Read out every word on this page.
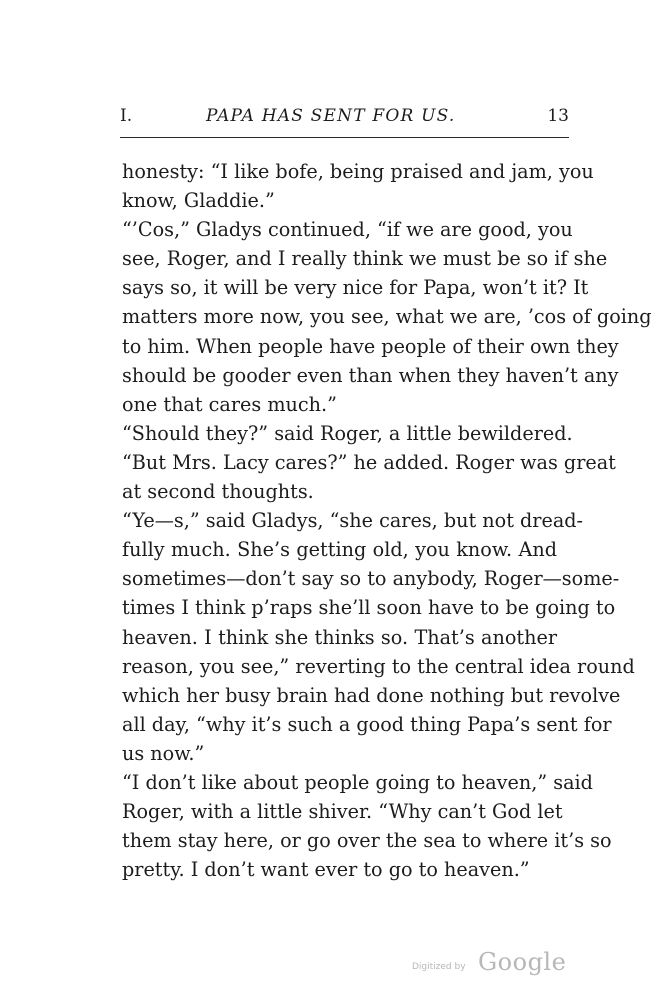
I.	PAPA HAS SENT FOR US.	13
honesty: “I like bofe, being praised and jam, you
know, Gladdie.”
“’Cos,” Gladys continued, “if we are good, you
see, Roger, and I really think we must be so if she
says so, it will be very nice for Papa, won’t it? It
matters more now, you see, what we are, ’cos of going
to him. When people have people of their own they
should be gooder even than when they haven’t any
one that cares much.”
“Should they?” said Roger, a little bewildered.
“But Mrs. Lacy cares?” he added. Roger was great
at second thoughts.
“Ye—s,” said Gladys, “she cares, but not dread-
fully much. She’s getting old, you know. And
sometimes—don’t say so to anybody, Roger—some-
times I think p’raps she’ll soon have to be going to
heaven. I think she thinks so. That’s another
reason, you see,” reverting to the central idea round
which her busy brain had done nothing but revolve
all day, “why it’s such a good thing Papa’s sent for
us now.”
“I don’t like about people going to heaven,” said
Roger, with a little shiver. “Why can’t God let
them stay here, or go over the sea to where it’s so
pretty. I don’t want ever to go to heaven.”
Digitized by Google
